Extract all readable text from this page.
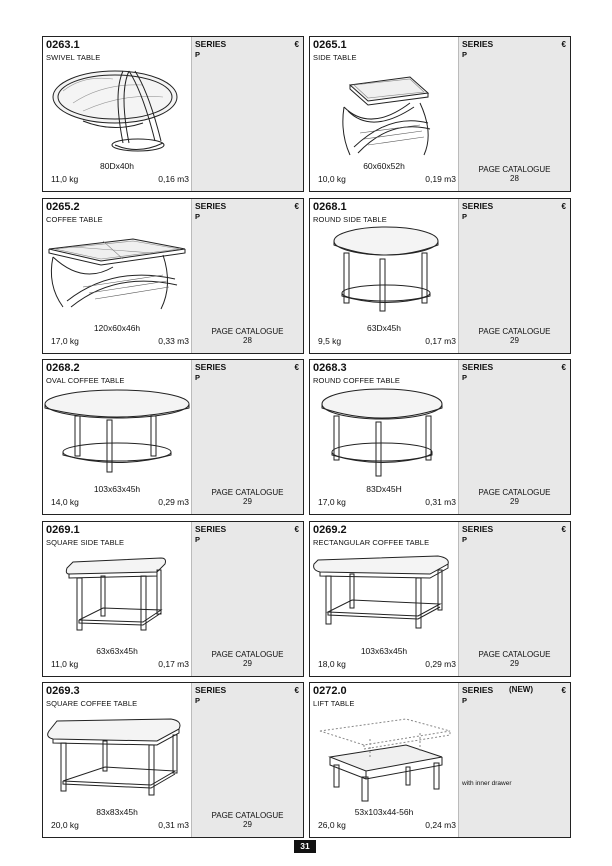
0263.1
SWIVEL TABLE
80Dx40h
11,0 kg	0,16 m3
SERIES
P
€ 0265.1
SIDE TABLE
60x60x52h
10,0 kg	0,19 m3
SERIES
P
€
PAGE CATALOGUE
28
0265.2
COFFEE TABLE
120x60x46h
17,0 kg	0,33 m3
SERIES
P
€
PAGE CATALOGUE
28
0268.1
ROUND SIDE TABLE
63Dx45h
9,5 kg	0,17 m3
SERIES
P
€
PAGE CATALOGUE
29
0268.2
OVAL COFFEE TABLE
103x63x45h
14,0 kg	0,29 m3
SERIES
P
€
PAGE CATALOGUE
29
0268.3
ROUND COFFEE TABLE
83Dx45H
17,0 kg	0,31 m3
SERIES
P
€
PAGE CATALOGUE
29
0269.1
SQUARE SIDE TABLE
63x63x45h
11,0 kg	0,17 m3
SERIES
P
€
PAGE CATALOGUE
29
0269.2
RECTANGULAR COFFEE TABLE
103x63x45h
18,0 kg	0,29 m3
SERIES
P
€
PAGE CATALOGUE
29
0269.3
SQUARE COFFEE TABLE
83x83x45h
20,0 kg	0,31 m3
SERIES
P
€
PAGE CATALOGUE
29
0272.0
LIFT TABLE
53x103x44-56h
26,0 kg	0,24 m3
SERIES (NEW)
P
€
with inner drawer
31
